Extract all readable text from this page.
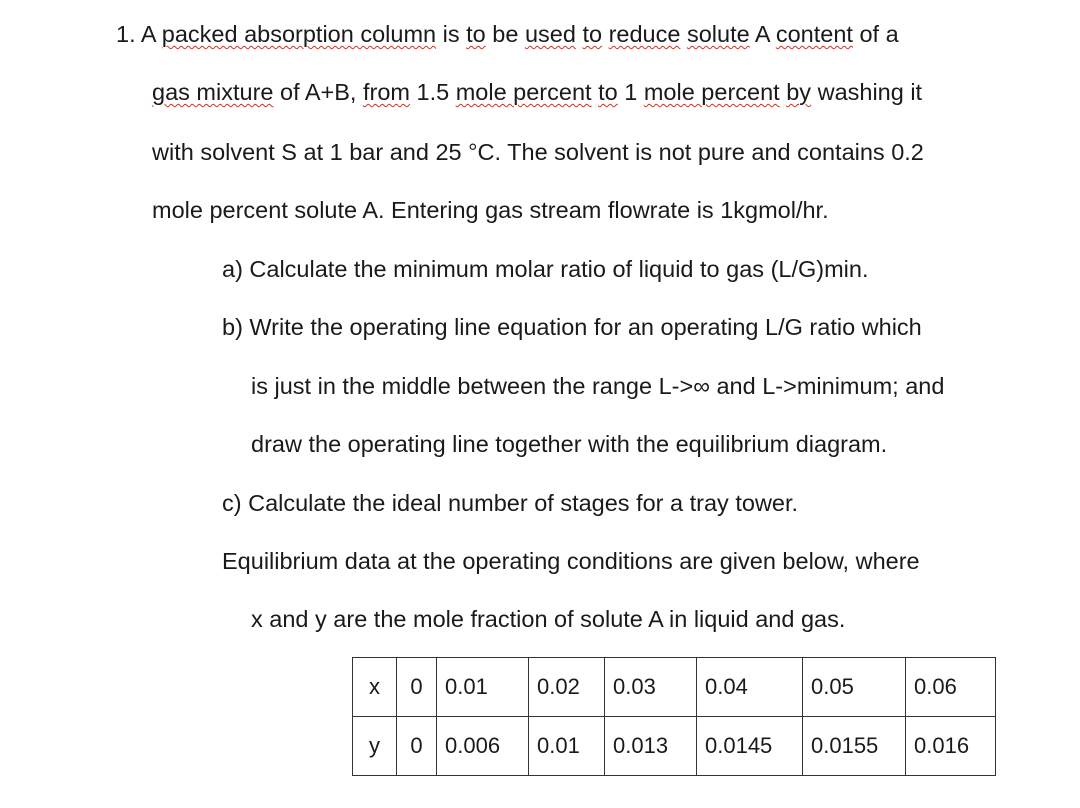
1. A packed absorption column is to be used to reduce solute A content of a
gas mixture of A+B, from 1.5 mole percent to 1 mole percent by washing it
with solvent S at 1 bar and 25 °C. The solvent is not pure and contains 0.2
mole percent solute A. Entering gas stream flowrate is 1kgmol/hr.
a) Calculate the minimum molar ratio of liquid to gas (L/G)min.
b) Write the operating line equation for an operating L/G ratio which
is just in the middle between the range L->∞ and L->minimum; and
draw the operating line together with the equilibrium diagram.
c) Calculate the ideal number of stages for a tray tower.
Equilibrium data at the operating conditions are given below, where
x and y are the mole fraction of solute A in liquid and gas.
x	0	0.01	0.02	0.03	0.04	0.05	0.06
y	0	0.006	0.01	0.013	0.0145	0.0155	0.016
